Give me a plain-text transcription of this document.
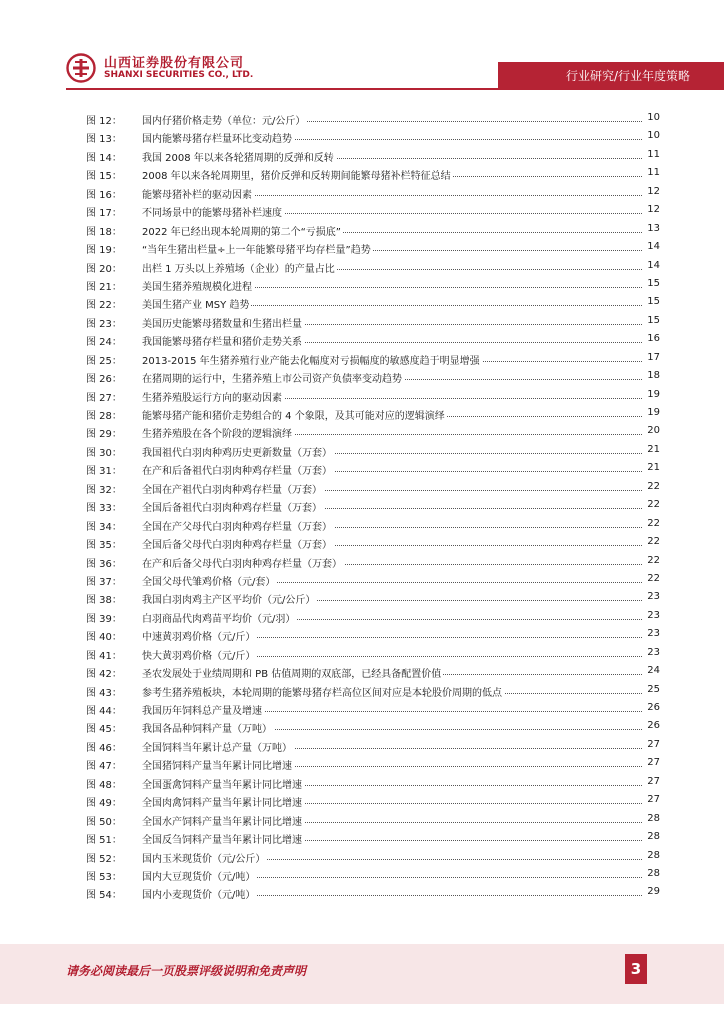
山西证券股份有限公司
SHANXI SECURITIES CO., LTD.	行业研究/行业年度策略
图 12：	国内仔猪价格走势（单位：元/公斤）	10
图 13：	国内能繁母猪存栏量环比变动趋势	10
图 14：	我国 2008 年以来各轮猪周期的反弹和反转	11
图 15：	2008 年以来各轮周期里，猪价反弹和反转期间能繁母猪补栏特征总结	11
图 16：	能繁母猪补栏的驱动因素	12
图 17：	不同场景中的能繁母猪补栏速度	12
图 18：	2022 年已经出现本轮周期的第二个“亏损底”	13
图 19：	“当年生猪出栏量÷上一年能繁母猪平均存栏量”趋势	14
图 20：	出栏 1 万头以上养殖场（企业）的产量占比	14
图 21：	美国生猪养殖规模化进程	15
图 22：	美国生猪产业 MSY 趋势	15
图 23：	美国历史能繁母猪数量和生猪出栏量	15
图 24：	我国能繁母猪存栏量和猪价走势关系	16
图 25：	2013-2015 年生猪养殖行业产能去化幅度对亏损幅度的敏感度趋于明显增强	17
图 26：	在猪周期的运行中，生猪养殖上市公司资产负债率变动趋势	18
图 27：	生猪养殖股运行方向的驱动因素	19
图 28：	能繁母猪产能和猪价走势组合的 4 个象限，及其可能对应的逻辑演绎	19
图 29：	生猪养殖股在各个阶段的逻辑演绎	20
图 30：	我国祖代白羽肉种鸡历史更新数量（万套）	21
图 31：	在产和后备祖代白羽肉种鸡存栏量（万套）	21
图 32：	全国在产祖代白羽肉种鸡存栏量（万套）	22
图 33：	全国后备祖代白羽肉种鸡存栏量（万套）	22
图 34：	全国在产父母代白羽肉种鸡存栏量（万套）	22
图 35：	全国后备父母代白羽肉种鸡存栏量（万套）	22
图 36：	在产和后备父母代白羽肉种鸡存栏量（万套）	22
图 37：	全国父母代雏鸡价格（元/套）	22
图 38：	我国白羽肉鸡主产区平均价（元/公斤）	23
图 39：	白羽商品代肉鸡苗平均价（元/羽）	23
图 40：	中速黄羽鸡价格（元/斤）	23
图 41：	快大黄羽鸡价格（元/斤）	23
图 42：	圣农发展处于业绩周期和 PB 估值周期的双底部，已经具备配置价值	24
图 43：	参考生猪养殖板块，本轮周期的能繁母猪存栏高位区间对应是本轮股价周期的低点	25
图 44：	我国历年饲料总产量及增速	26
图 45：	我国各品种饲料产量（万吨）	26
图 46：	全国饲料当年累计总产量（万吨）	27
图 47：	全国猪饲料产量当年累计同比增速	27
图 48：	全国蛋禽饲料产量当年累计同比增速	27
图 49：	全国肉禽饲料产量当年累计同比增速	27
图 50：	全国水产饲料产量当年累计同比增速	28
图 51：	全国反刍饲料产量当年累计同比增速	28
图 52：	国内玉米现货价（元/公斤）	28
图 53：	国内大豆现货价（元/吨）	28
图 54：	国内小麦现货价（元/吨）	29
请务必阅读最后一页股票评级说明和免责声明	3
